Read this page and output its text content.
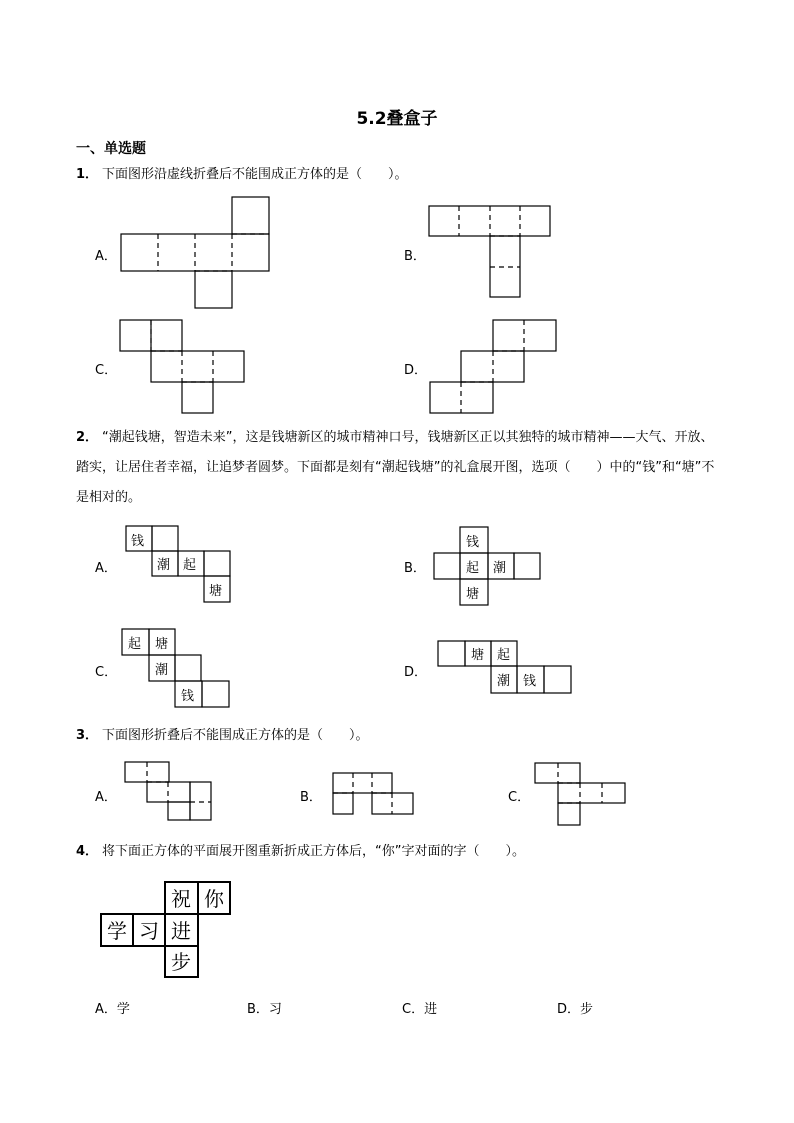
5.2叠盒子
一、单选题
1． 下面图形沿虚线折叠后不能围成正方体的是（　　）。
A．	B．
C．	D．
2． “潮起钱塘，智造未来”，这是钱塘新区的城市精神口号，钱塘新区正以其独特的城市精神——大气、开放、踏实，让居住者幸福，让追梦者圆梦。下面都是刻有“潮起钱塘”的礼盒展开图，选项（　　）中的“钱”和“塘”不是相对的。
A．
钱
潮 起
塘
B．
钱
起 潮
塘
C．
起 塘
潮
钱
D．
塘 起
潮 钱
3． 下面图形折叠后不能围成正方体的是（　　）。
A．	B．	C．
4． 将下面正方体的平面展开图重新折成正方体后，“你”字对面的字（　　）。
祝 你
学 习 进
步
A．学	B．习	C．进	D．步
